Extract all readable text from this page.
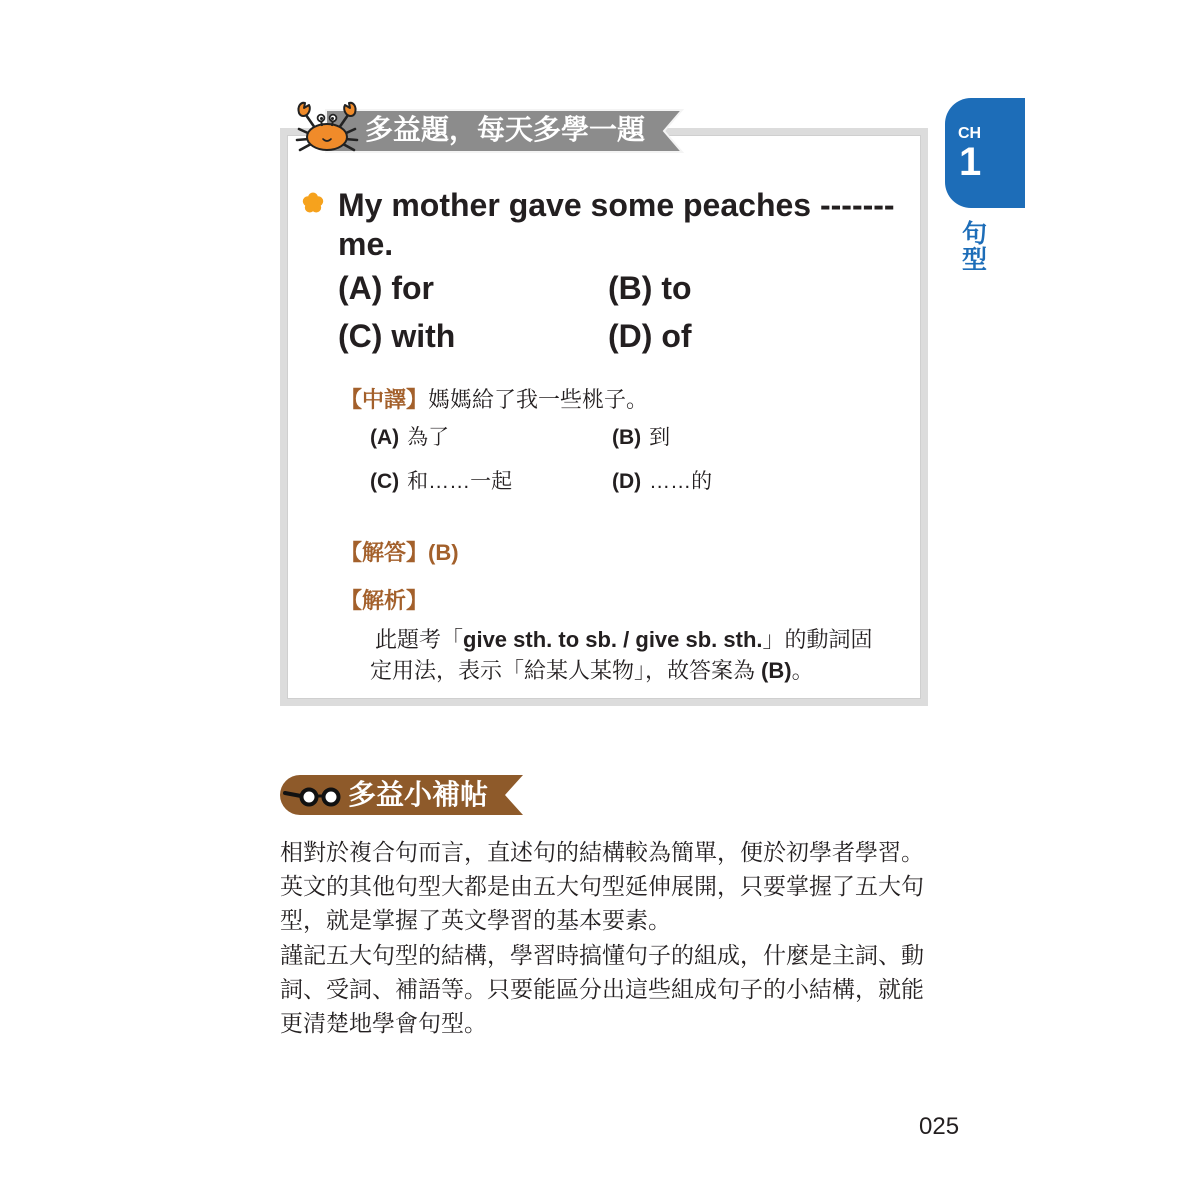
多益題，每天多學一題
My mother gave some peaches -------
me.
(A) for	(B) to
(C) with	(D) of
【中譯】媽媽給了我一些桃子。
(A) 為了	(B) 到
(C) 和……一起	(D) ……的
【解答】(B)
【解析】
此題考「give sth. to sb. / give sb. sth.」的動詞固
定用法，表示「給某人某物」，故答案為 (B)。
多益小補帖
相對於複合句而言，直述句的結構較為簡單，便於初學者學習。
英文的其他句型大都是由五大句型延伸展開，只要掌握了五大句
型，就是掌握了英文學習的基本要素。
謹記五大句型的結構，學習時搞懂句子的組成，什麼是主詞、動
詞、受詞、補語等。只要能區分出這些組成句子的小結構，就能
更清楚地學會句型。
025
CH
1
句
型
